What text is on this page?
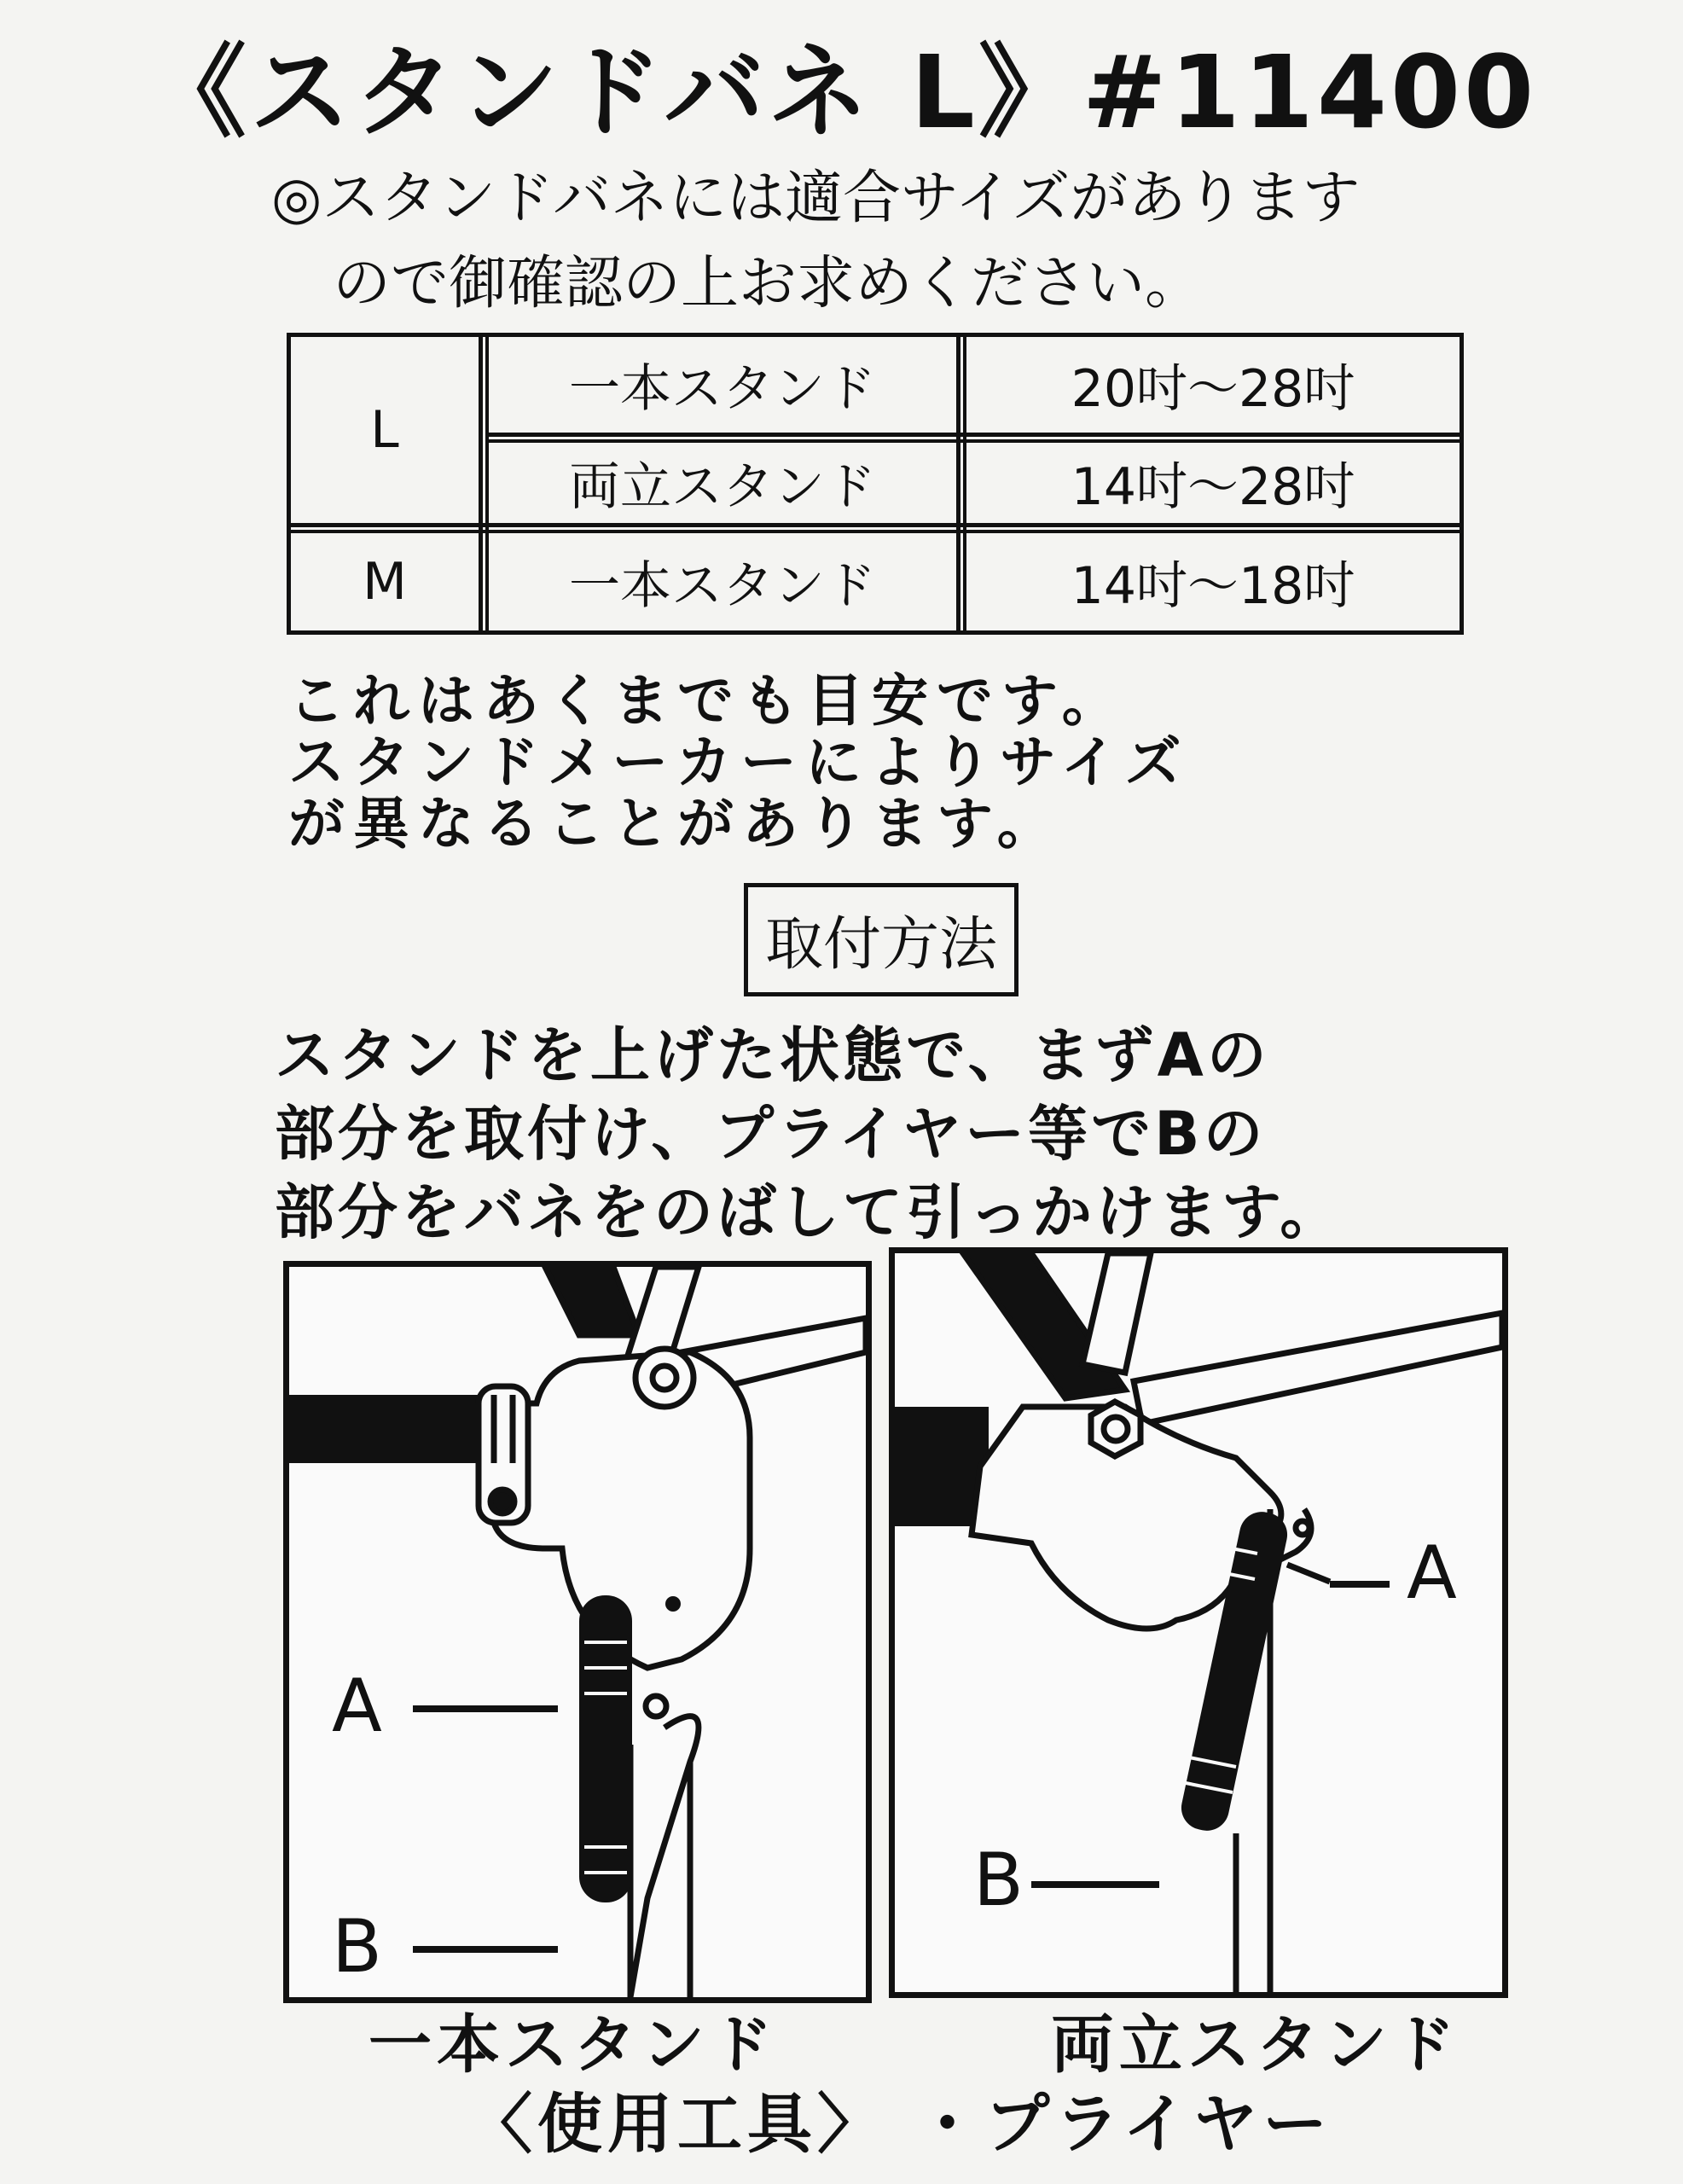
《スタンドバネ L》#11400
◎スタンドバネには適合サイズがあります
ので御確認の上お求めください。
L
一本スタンド	20吋～28吋
両立スタンド	14吋～28吋
M	一本スタンド	14吋～18吋
これはあくまでも目安です。
スタンドメーカーによりサイズ
が異なることがあります。
取付方法
スタンドを上げた状態で、まずAの
部分を取付け、プライヤー等でBの
部分をバネをのばして引っかけます。
A
B
A
B
一本スタンド	両立スタンド
〈使用工具〉 ・プライヤー
